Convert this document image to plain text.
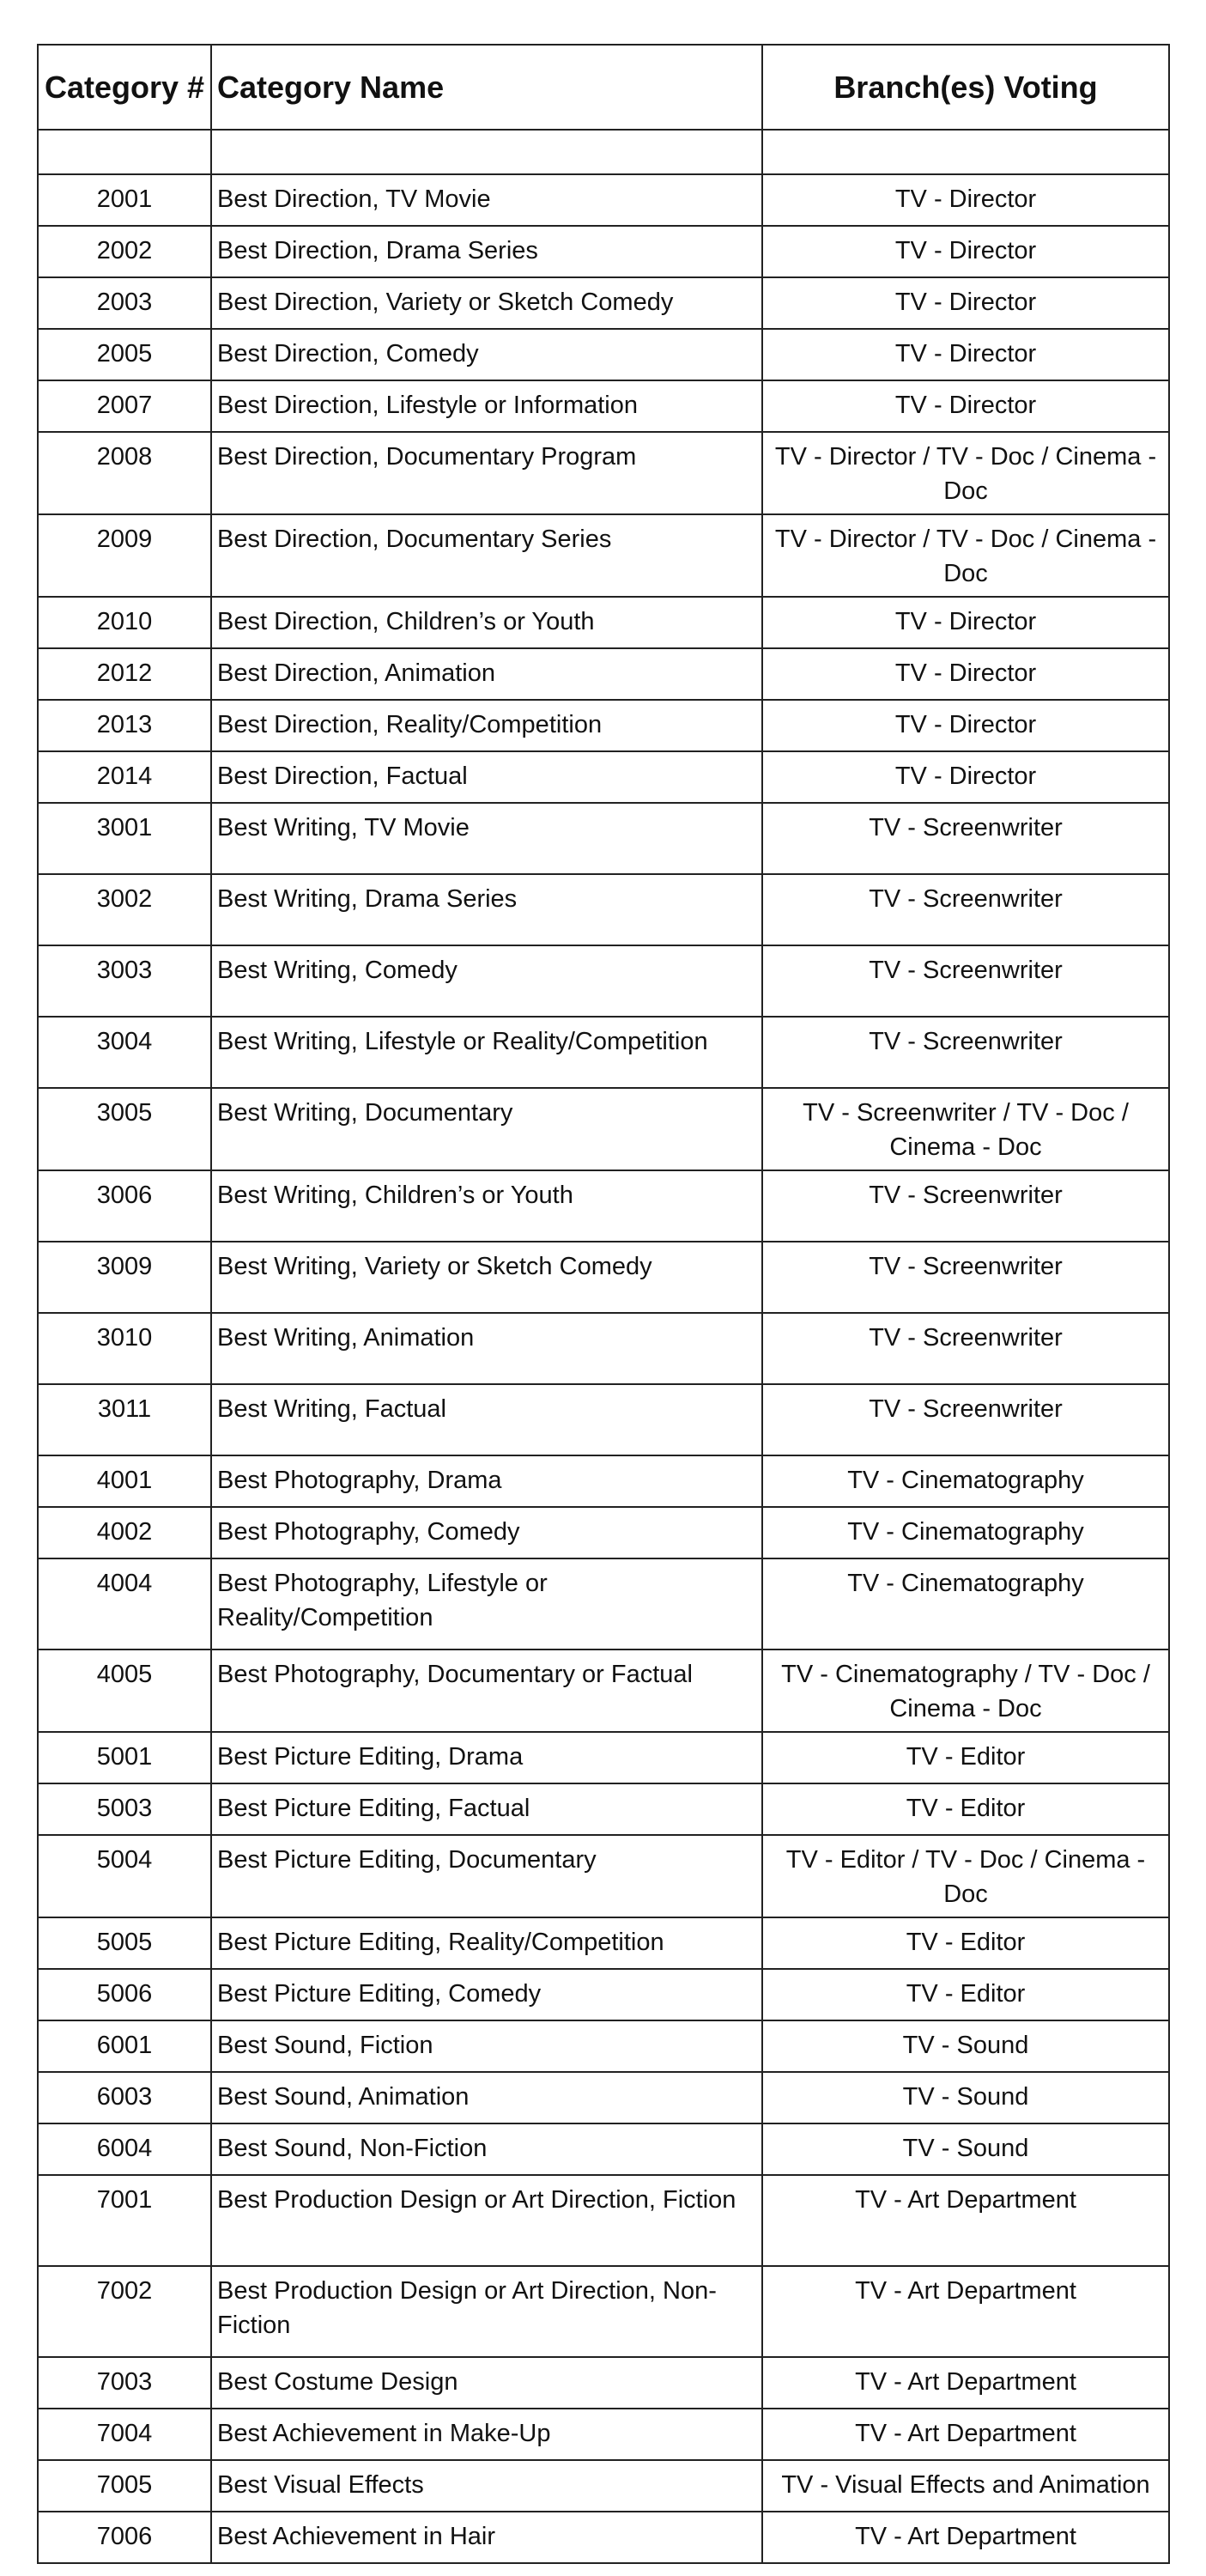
Category #	Category Name	Branch(es) Voting

2001	Best Direction, TV Movie	TV - Director
2002	Best Direction, Drama Series	TV - Director
2003	Best Direction, Variety or Sketch Comedy	TV - Director
2005	Best Direction, Comedy	TV - Director
2007	Best Direction, Lifestyle or Information	TV - Director
2008	Best Direction, Documentary Program	TV - Director / TV - Doc / Cinema - Doc
2009	Best Direction, Documentary Series	TV - Director / TV - Doc / Cinema - Doc
2010	Best Direction, Children’s or Youth	TV - Director
2012	Best Direction, Animation	TV - Director
2013	Best Direction, Reality/Competition	TV - Director
2014	Best Direction, Factual	TV - Director
3001	Best Writing, TV Movie	TV - Screenwriter
3002	Best Writing, Drama Series	TV - Screenwriter
3003	Best Writing, Comedy	TV - Screenwriter
3004	Best Writing, Lifestyle or Reality/Competition	TV - Screenwriter
3005	Best Writing, Documentary	TV - Screenwriter / TV - Doc / Cinema - Doc
3006	Best Writing, Children’s or Youth	TV - Screenwriter
3009	Best Writing, Variety or Sketch Comedy	TV - Screenwriter
3010	Best Writing, Animation	TV - Screenwriter
3011	Best Writing, Factual	TV - Screenwriter
4001	Best Photography, Drama	TV - Cinematography
4002	Best Photography, Comedy	TV - Cinematography
4004	Best Photography, Lifestyle or Reality/Competition	TV - Cinematography
4005	Best Photography, Documentary or Factual	TV - Cinematography / TV - Doc / Cinema - Doc
5001	Best Picture Editing, Drama	TV - Editor
5003	Best Picture Editing, Factual	TV - Editor
5004	Best Picture Editing, Documentary	TV - Editor / TV - Doc / Cinema - Doc
5005	Best Picture Editing, Reality/Competition	TV - Editor
5006	Best Picture Editing, Comedy	TV - Editor
6001	Best Sound, Fiction	TV - Sound
6003	Best Sound, Animation	TV - Sound
6004	Best Sound, Non-Fiction	TV - Sound
7001	Best Production Design or Art Direction, Fiction	TV - Art Department
7002	Best Production Design or Art Direction, Non-Fiction	TV - Art Department
7003	Best Costume Design	TV - Art Department
7004	Best Achievement in Make-Up	TV - Art Department
7005	Best Visual Effects	TV - Visual Effects and Animation
7006	Best Achievement in Hair	TV - Art Department
